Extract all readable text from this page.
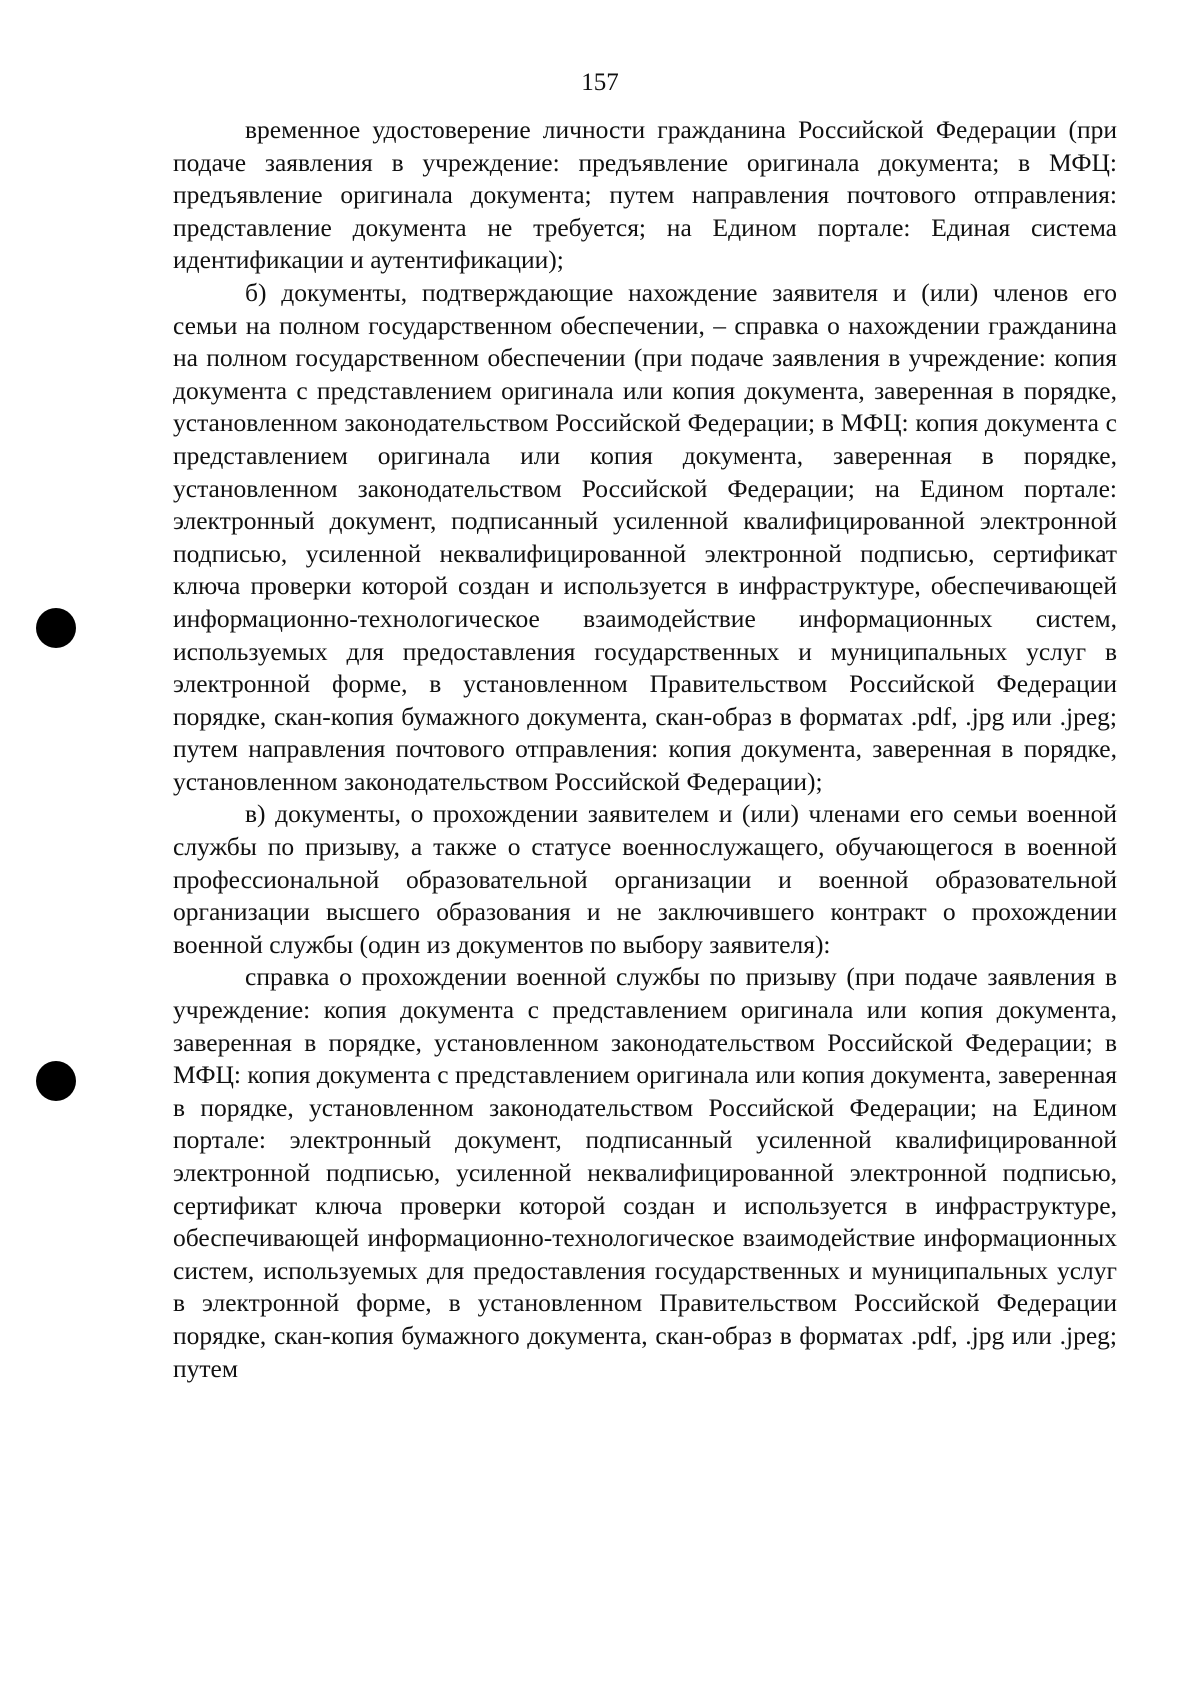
157

временное удостоверение личности гражданина Российской Федерации (при подаче заявления в учреждение: предъявление оригинала документа; в МФЦ: предъявление оригинала документа; путем направления почтового отправления: представление документа не требуется; на Едином портале: Единая система идентификации и аутентификации);

б) документы, подтверждающие нахождение заявителя и (или) членов его семьи на полном государственном обеспечении, – справка о нахождении гражданина на полном государственном обеспечении (при подаче заявления в учреждение: копия документа с представлением оригинала или копия документа, заверенная в порядке, установленном законодательством Российской Федерации; в МФЦ: копия документа с представлением оригинала или копия документа, заверенная в порядке, установленном законодательством Российской Федерации; на Едином портале: электронный документ, подписанный усиленной квалифицированной электронной подписью, усиленной неквалифицированной электронной подписью, сертификат ключа проверки которой создан и используется в инфраструктуре, обеспечивающей информационно-технологическое взаимодействие информационных систем, используемых для предоставления государственных и муниципальных услуг в электронной форме, в установленном Правительством Российской Федерации порядке, скан-копия бумажного документа, скан-образ в форматах .pdf, .jpg или .jpeg; путем направления почтового отправления: копия документа, заверенная в порядке, установленном законодательством Российской Федерации);

в) документы, о прохождении заявителем и (или) членами его семьи военной службы по призыву, а также о статусе военнослужащего, обучающегося в военной профессиональной образовательной организации и военной образовательной организации высшего образования и не заключившего контракт о прохождении военной службы (один из документов по выбору заявителя):

справка о прохождении военной службы по призыву (при подаче заявления в учреждение: копия документа с представлением оригинала или копия документа, заверенная в порядке, установленном законодательством Российской Федерации; в МФЦ: копия документа с представлением оригинала или копия документа, заверенная в порядке, установленном законодательством Российской Федерации; на Едином портале: электронный документ, подписанный усиленной квалифицированной электронной подписью, усиленной неквалифицированной электронной подписью, сертификат ключа проверки которой создан и используется в инфраструктуре, обеспечивающей информационно-технологическое взаимодействие информационных систем, используемых для предоставления государственных и муниципальных услуг в электронной форме, в установленном Правительством Российской Федерации порядке, скан-копия бумажного документа, скан-образ в форматах .pdf, .jpg или .jpeg; путем
